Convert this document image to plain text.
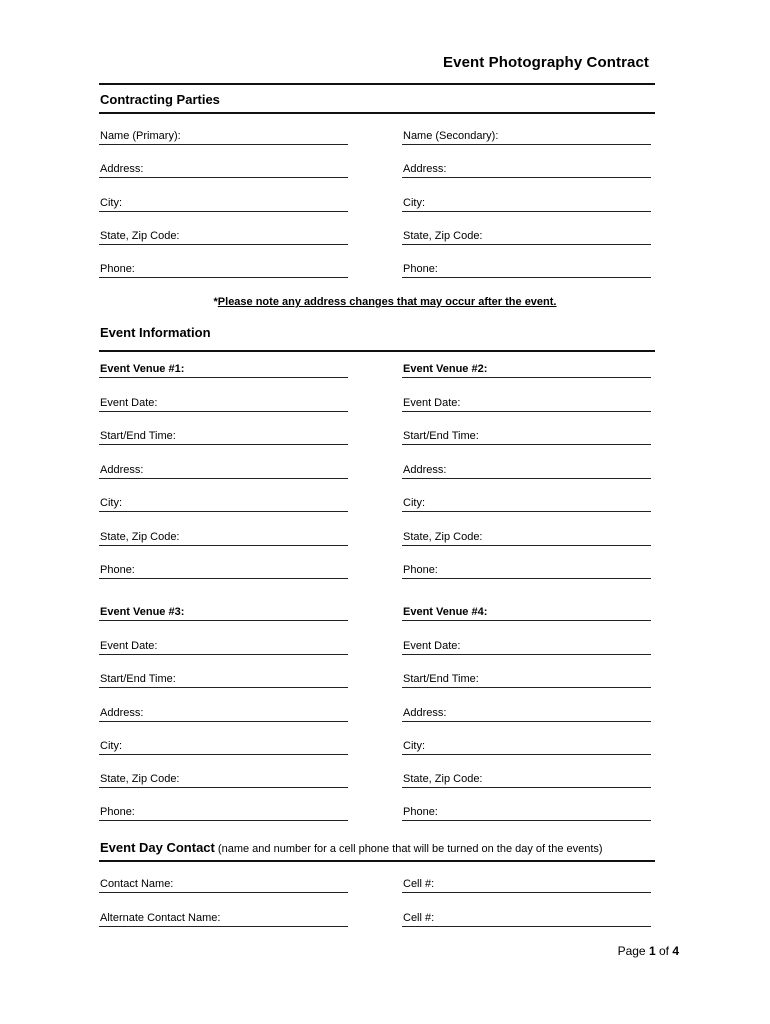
Event Photography Contract
Contracting Parties
Name (Primary):
Address:
City:
State, Zip Code:
Phone:
Name (Secondary):
Address:
City:
State, Zip Code:
Phone:
*Please note any address changes that may occur after the event.
Event Information
Event Venue #1:
Event Date:
Start/End Time:
Address:
City:
State, Zip Code:
Phone:
Event Venue #2:
Event Date:
Start/End Time:
Address:
City:
State, Zip Code:
Phone:
Event Venue #3:
Event Date:
Start/End Time:
Address:
City:
State, Zip Code:
Phone:
Event Venue #4:
Event Date:
Start/End Time:
Address:
City:
State, Zip Code:
Phone:
Event Day Contact (name and number for a cell phone that will be turned on the day of the events)
Contact Name:
Alternate Contact Name:
Cell #:
Cell #:
Page 1 of 4
